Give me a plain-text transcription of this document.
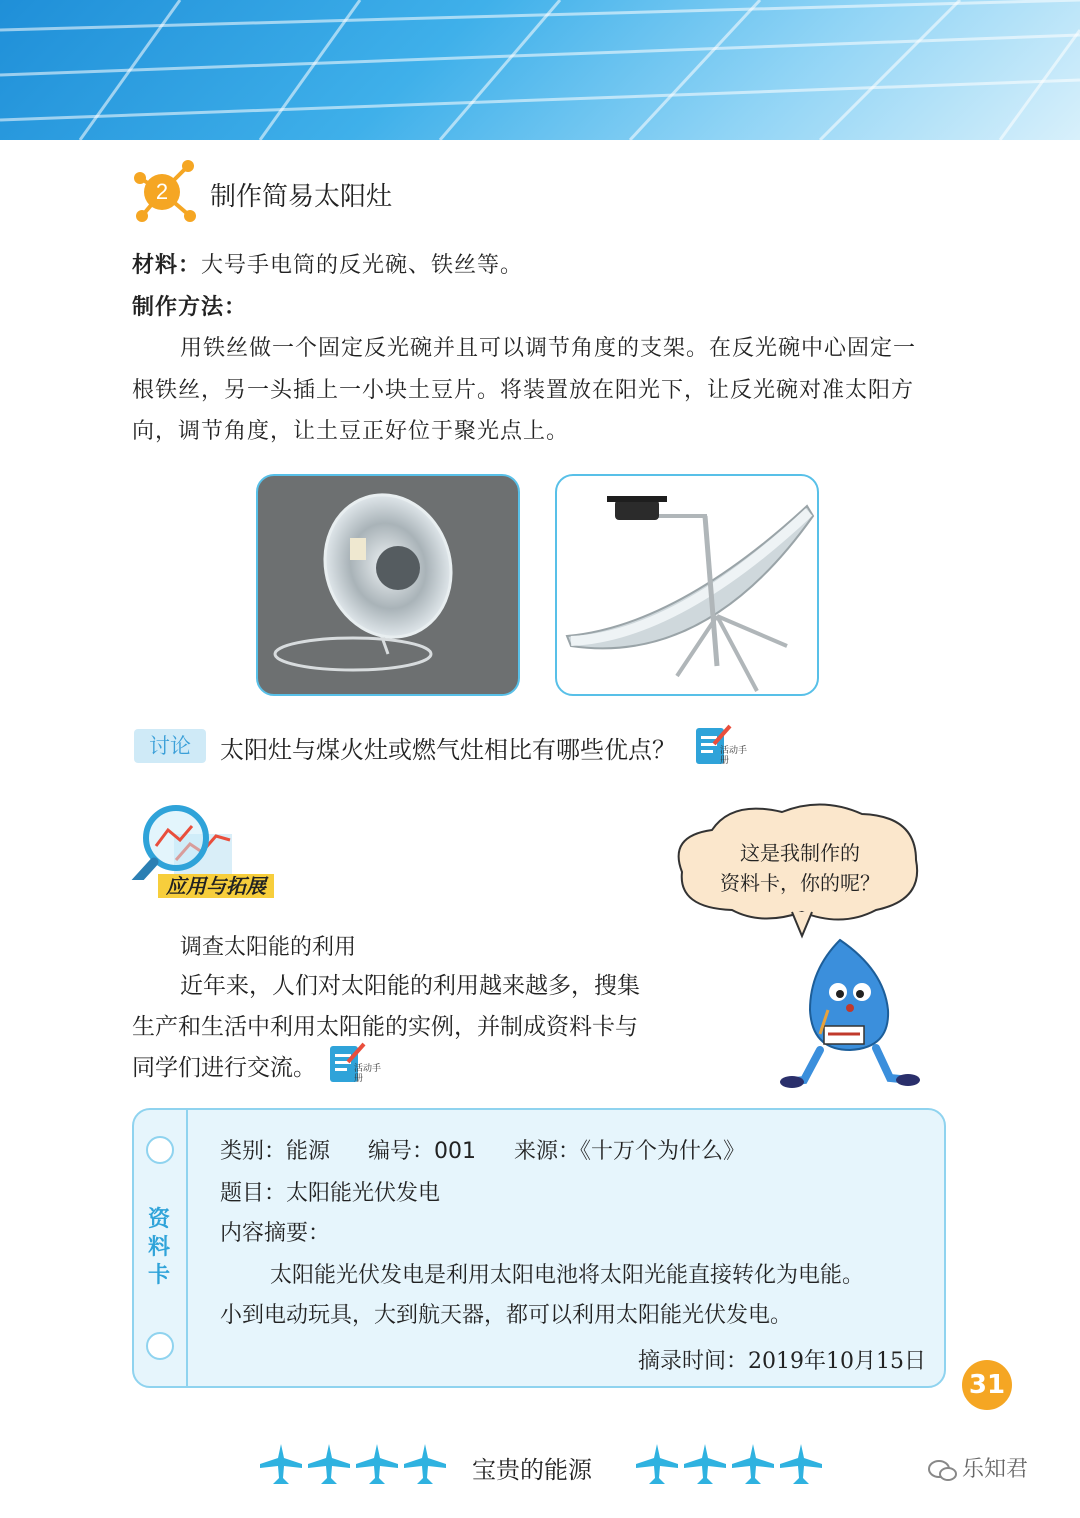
2	制作简易太阳灶
材料：大号手电筒的反光碗、铁丝等。
制作方法：
用铁丝做一个固定反光碗并且可以调节角度的支架。在反光碗中心固定一
根铁丝，另一头插上一小块土豆片。将装置放在阳光下，让反光碗对准太阳方
向，调节角度，让土豆正好位于聚光点上。
讨论	太阳灶与煤火灶或燃气灶相比有哪些优点？	活动手册
应用与拓展
这是我制作的
资料卡，你的呢？
调查太阳能的利用
近年来，人们对太阳能的利用越来越多，搜集
生产和生活中利用太阳能的实例，并制成资料卡与
同学们进行交流。	活动手册
资料卡
类别：能源 编号：001 来源：《十万个为什么》
题目：太阳能光伏发电
内容摘要：
太阳能光伏发电是利用太阳电池将太阳光能直接转化为电能。
小到电动玩具，大到航天器，都可以利用太阳能光伏发电。
摘录时间：2019年10月15日
31
宝贵的能源	乐知君
